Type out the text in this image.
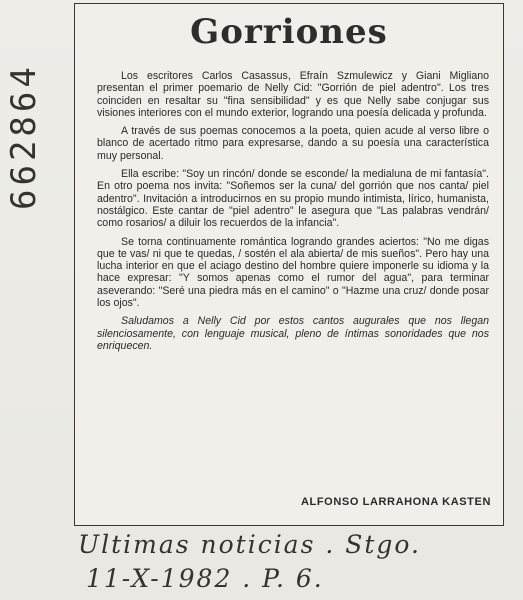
Gorriones

Los escritores Carlos Casassus, Efraín Szmulewicz y Giani Migliano presentan el primer poemario de Nelly Cid: "Gorrión de piel adentro". Los tres coinciden en resaltar su "fina sensibilidad" y es que Nelly sabe conjugar sus visiones interiores con el mundo exterior, logrando una poesía delicada y profunda.

A través de sus poemas conocemos a la poeta, quien acude al verso libre o blanco de acertado ritmo para expresarse, dando a su poesía una característica muy personal.

Ella escribe: "Soy un rincón/ donde se esconde/ la medialuna de mi fantasía". En otro poema nos invita: "Soñemos ser la cuna/ del gorrión que nos canta/ piel adentro". Invitación a introducirnos en su propio mundo intimista, lírico, humanista, nostálgico. Este cantar de "piel adentro" le asegura que "Las palabras vendrán/ como rosarios/ a diluir los recuerdos de la infancia".

Se torna continuamente romántica logrando grandes aciertos: "No me digas que te vas/ ni que te quedas, / sostén el ala abierta/ de mis sueños". Pero hay una lucha interior en que el aciago destino del hombre quiere imponerle su idioma y la hace expresar: "Y somos apenas como el rumor del agua", para terminar aseverando: "Seré una piedra más en el camino" o "Hazme una cruz/ donde posar los ojos".

Saludamos a Nelly Cid por estos cantos augurales que nos llegan silenciosamente, con lenguaje musical, pleno de íntimas sonoridades que nos enriquecen.

ALFONSO LARRAHONA KASTEN
662864
Ultimas noticias . Stgo.
11-X-1982 . P. 6.
